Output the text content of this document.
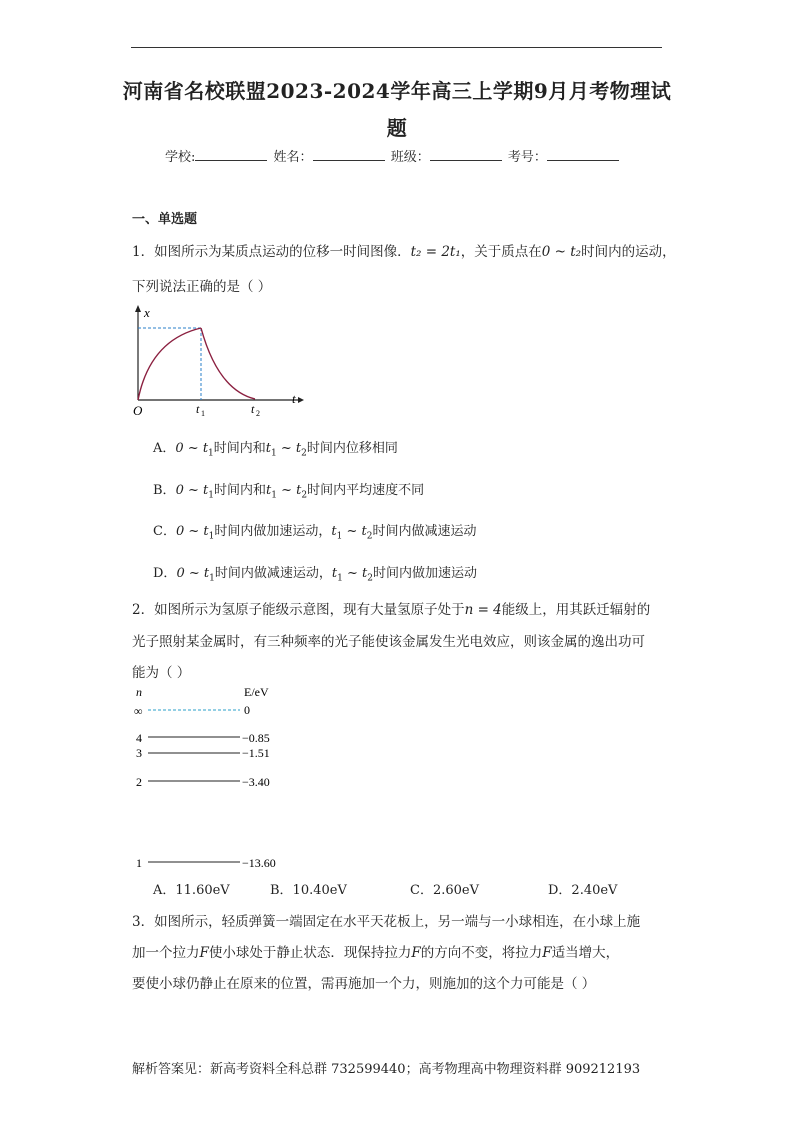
河南省名校联盟2023-2024学年高三上学期9月月考物理试
题
学校:	姓名：	班级：	考号：
一、单选题
1．如图所示为某质点运动的位移一时间图像．t₂ = 2t₁，关于质点在0 ~ t₂时间内的运动，
下列说法正确的是（ ）
x
t
O	t 1	t 2
A．0 ~ $t_1$时间内和$t_1$ ~ $t_2$时间内位移相同
B．0 ~ $t_1$时间内和$t_1$ ~ $t_2$时间内平均速度不同
C．0 ~ $t_1$时间内做加速运动，$t_1$ ~ $t_2$时间内做减速运动
D．0 ~ $t_1$时间内做减速运动，$t_1$ ~ $t_2$时间内做加速运动
2．如图所示为氢原子能级示意图，现有大量氢原子处于n = 4能级上，用其跃迁辐射的
光子照射某金属时，有三种频率的光子能使该金属发生光电效应，则该金属的逸出功可
能为（ ）
n	E/eV
∞	0
4	−0.85
3	−1.51
2	−3.40
1	−13.60
A．11.60eV	B．10.40eV	C．2.60eV	D．2.40eV
3．如图所示，轻质弹簧一端固定在水平天花板上，另一端与一小球相连，在小球上施
加一个拉力F使小球处于静止状态．现保持拉力F的方向不变，将拉力F适当增大，
要使小球仍静止在原来的位置，需再施加一个力，则施加的这个力可能是（ ）
解析答案见：新高考资料全科总群 732599440；高考物理高中物理资料群 909212193
